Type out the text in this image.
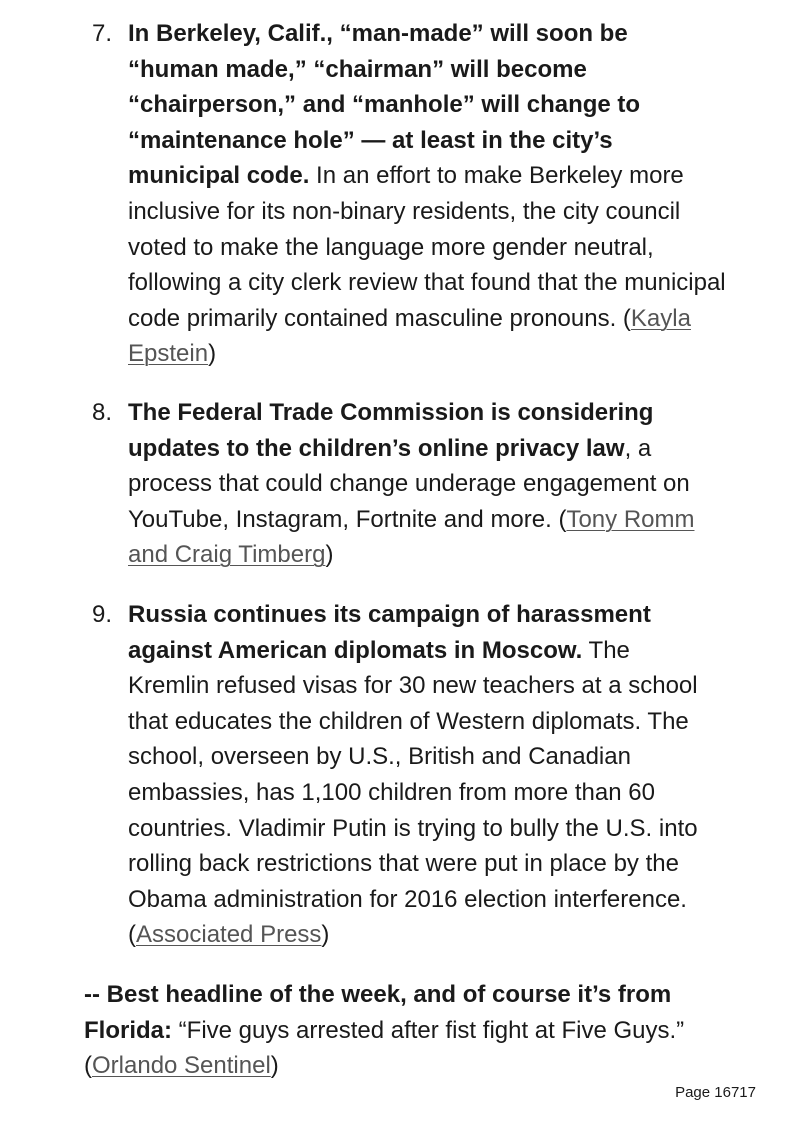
7. In Berkeley, Calif., “man-made” will soon be
“human made,” “chairman” will become
“chairperson,” and “manhole” will change to
“maintenance hole” — at least in the city’s
municipal code. In an effort to make Berkeley more
inclusive for its non-binary residents, the city council
voted to make the language more gender neutral,
following a city clerk review that found that the municipal
code primarily contained masculine pronouns. (Kayla
Epstein)
8. The Federal Trade Commission is considering
updates to the children’s online privacy law, a
process that could change underage engagement on
YouTube, Instagram, Fortnite and more. (Tony Romm
and Craig Timberg)
9. Russia continues its campaign of harassment
against American diplomats in Moscow. The
Kremlin refused visas for 30 new teachers at a school
that educates the children of Western diplomats. The
school, overseen by U.S., British and Canadian
embassies, has 1,100 children from more than 60
countries. Vladimir Putin is trying to bully the U.S. into
rolling back restrictions that were put in place by the
Obama administration for 2016 election interference.
(Associated Press)
-- Best headline of the week, and of course it’s from
Florida: “Five guys arrested after fist fight at Five Guys.”
(Orlando Sentinel)
Page 16717
